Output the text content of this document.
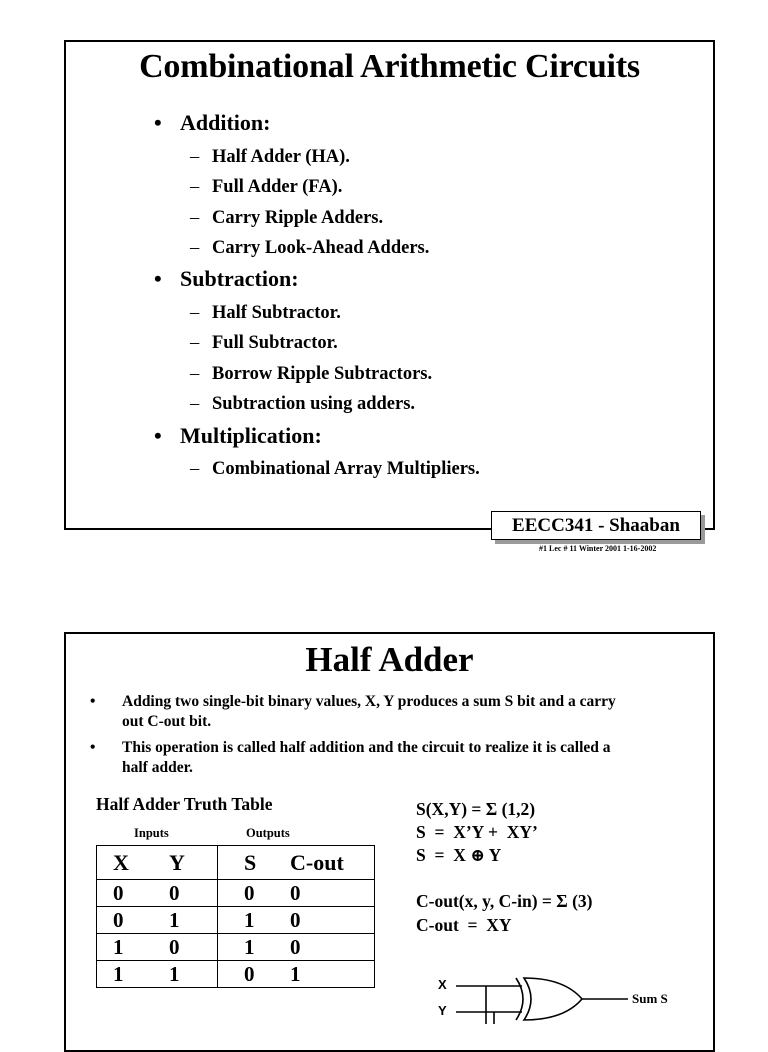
Combinational Arithmetic Circuits
• Addition:
– Half Adder (HA).
– Full Adder (FA).
– Carry Ripple Adders.
– Carry Look-Ahead Adders.
• Subtraction:
– Half Subtractor.
– Full Subtractor.
– Borrow Ripple Subtractors.
– Subtraction using adders.
• Multiplication:
– Combinational Array Multipliers.
EECC341 - Shaaban
#1 Lec # 11 Winter 2001 1-16-2002
Half Adder
• Adding two single-bit binary values, X, Y produces a sum S bit and a carry
out C-out bit.
• This operation is called half addition and the circuit to realize it is called a
half adder.
Half Adder Truth Table
Inputs	Outputs
X	Y	S	C-out
0	0	0	0
0	1	1	0
1	0	1	0
1	1	0	1
S(X,Y) = Σ (1,2)
S  =  X’Y +  XY’
S  =  X ⊕ Y
C-out(x, y, C-in) = Σ (3)
C-out  =  XY
X
Y
Sum S
